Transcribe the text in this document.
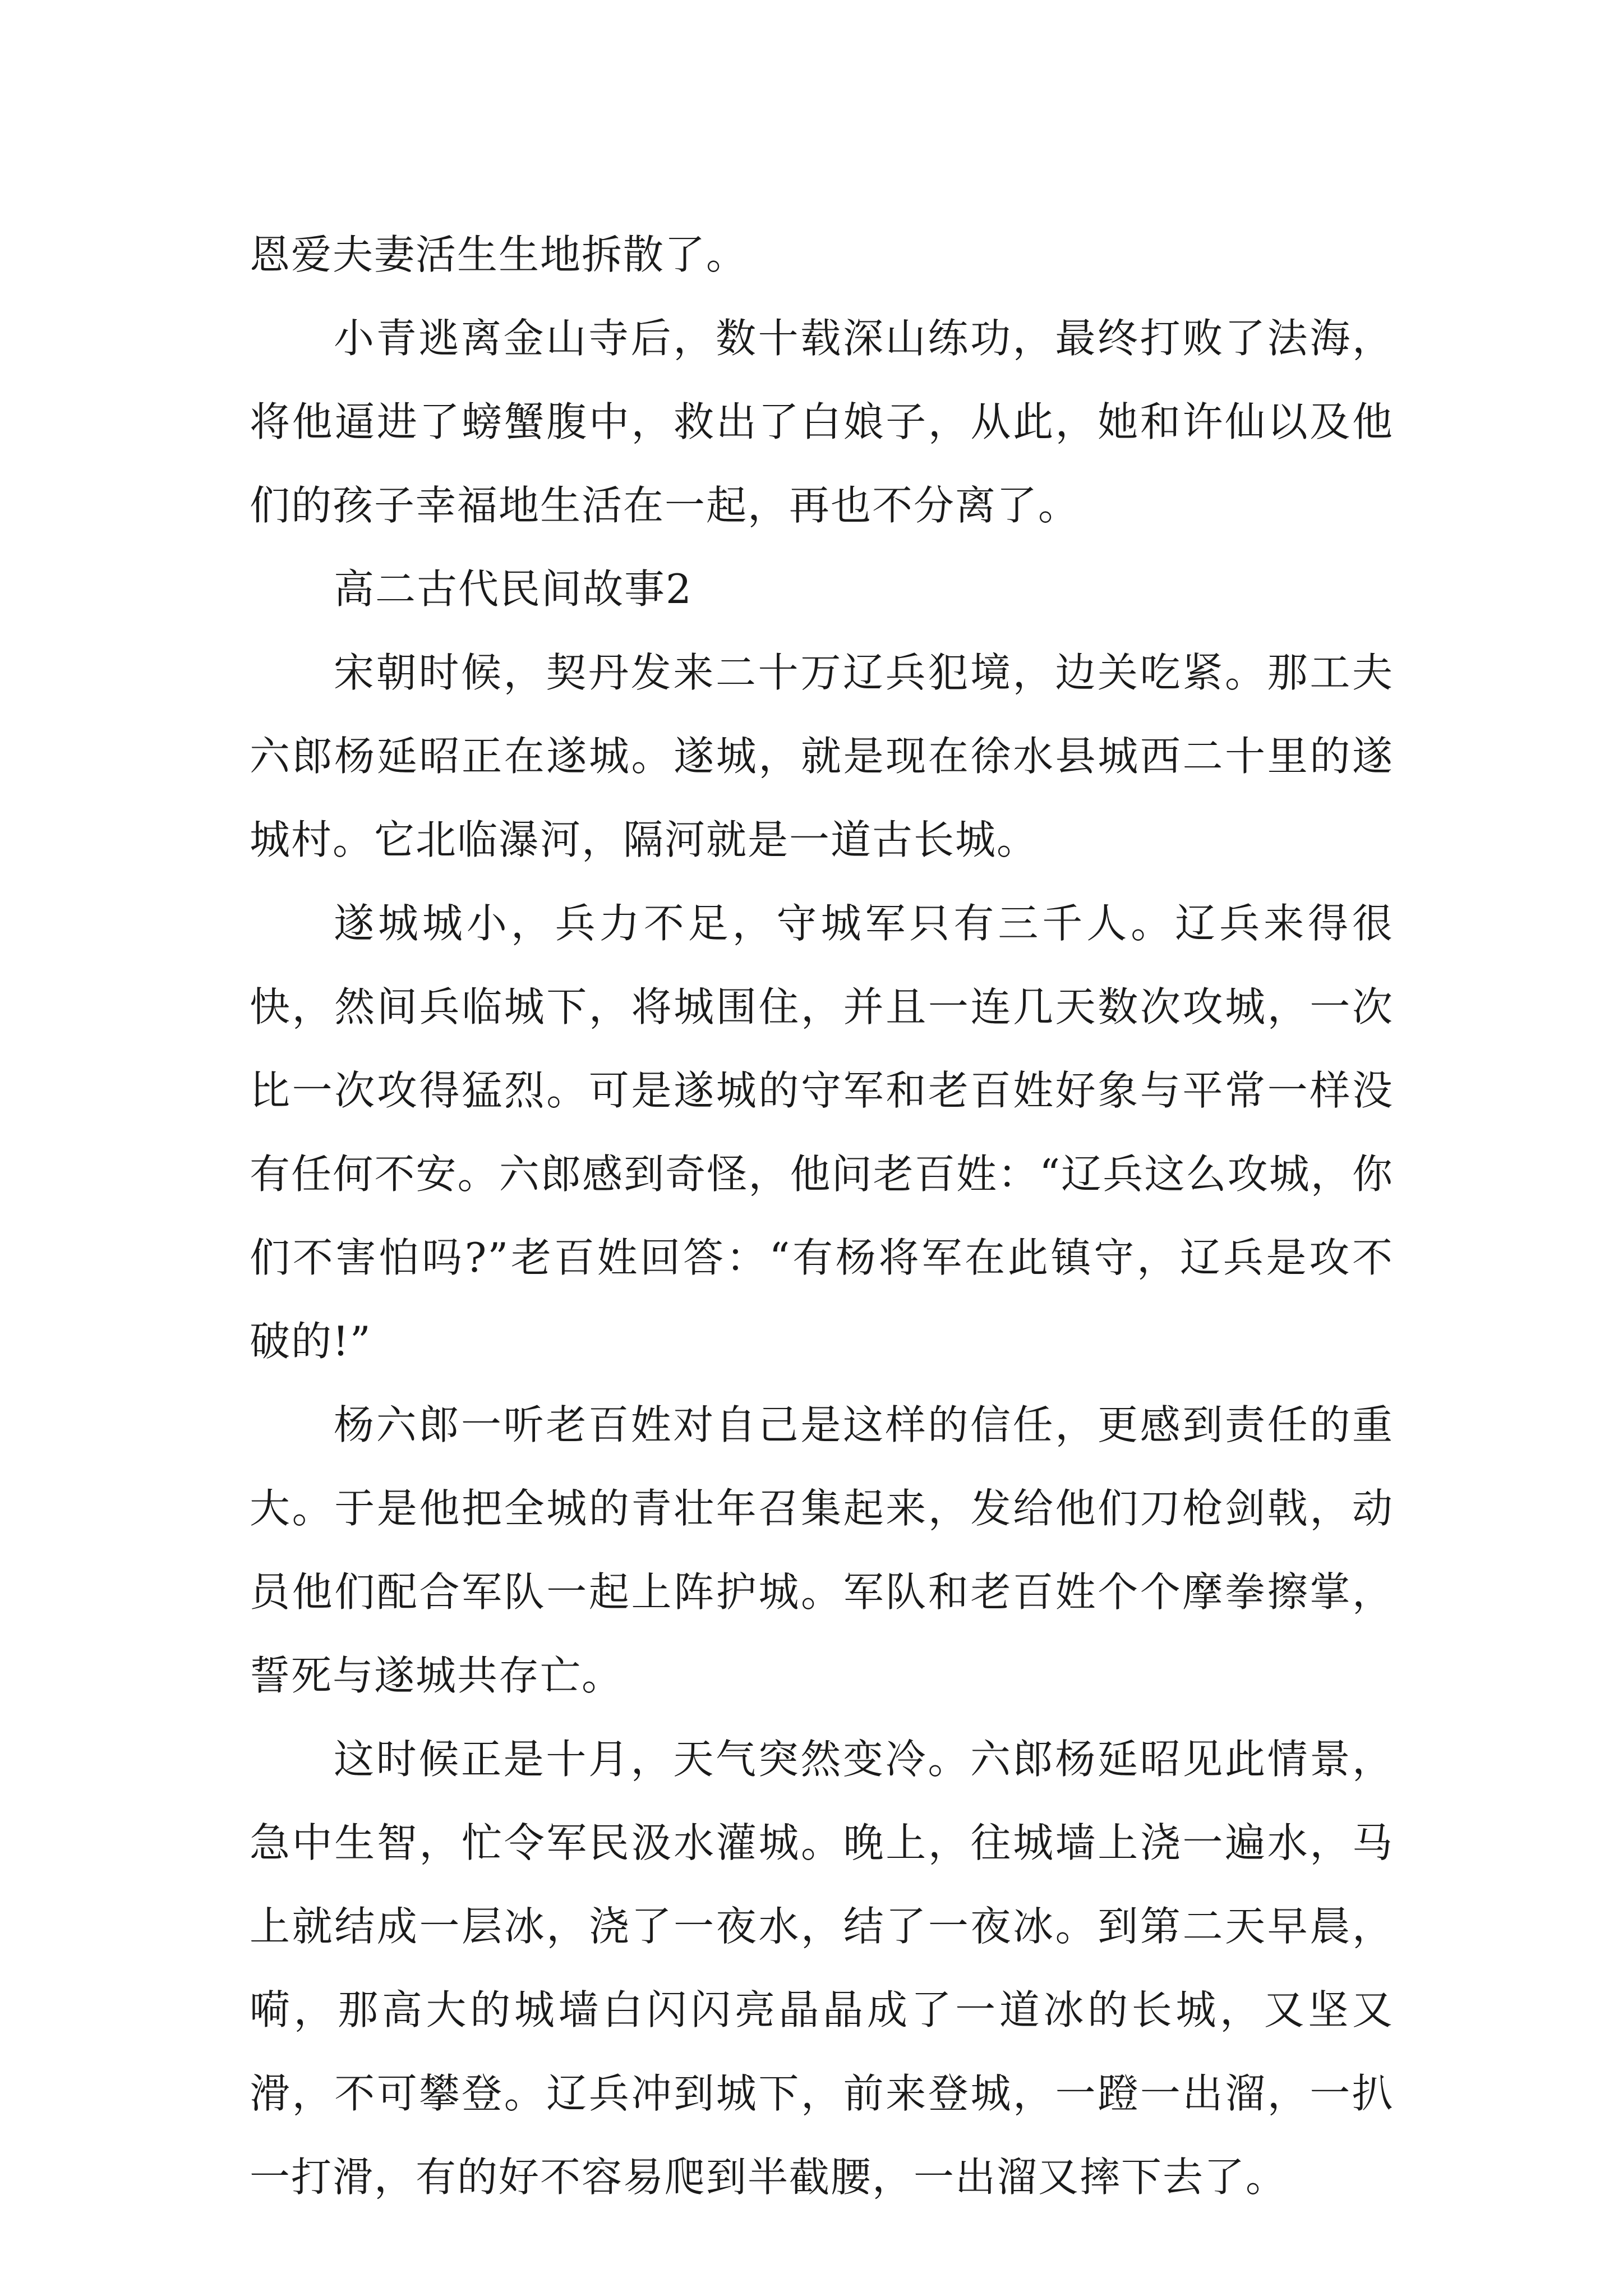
恩爱夫妻活生生地拆散了。

小青逃离金山寺后，数十载深山练功，最终打败了法海，将他逼进了螃蟹腹中，救出了白娘子，从此，她和许仙以及他们的孩子幸福地生活在一起，再也不分离了。

高二古代民间故事2

宋朝时候，契丹发来二十万辽兵犯境，边关吃紧。那工夫六郎杨延昭正在遂城。遂城，就是现在徐水县城西二十里的遂城村。它北临瀑河，隔河就是一道古长城。

遂城城小，兵力不足，守城军只有三千人。辽兵来得很快，然间兵临城下，将城围住，并且一连几天数次攻城，一次比一次攻得猛烈。可是遂城的守军和老百姓好象与平常一样没有任何不安。六郎感到奇怪，他问老百姓：“辽兵这么攻城，你们不害怕吗?”老百姓回答：“有杨将军在此镇守，辽兵是攻不破的!”

杨六郎一听老百姓对自己是这样的信任，更感到责任的重大。于是他把全城的青壮年召集起来，发给他们刀枪剑戟，动员他们配合军队一起上阵护城。军队和老百姓个个摩拳擦掌，誓死与遂城共存亡。

这时候正是十月，天气突然变冷。六郎杨延昭见此情景，急中生智，忙令军民汲水灌城。晚上，往城墙上浇一遍水，马上就结成一层冰，浇了一夜水，结了一夜冰。到第二天早晨，嗬，那高大的城墙白闪闪亮晶晶成了一道冰的长城，又坚又滑，不可攀登。辽兵冲到城下，前来登城，一蹬一出溜，一扒一打滑，有的好不容易爬到半截腰，一出溜又摔下去了。
